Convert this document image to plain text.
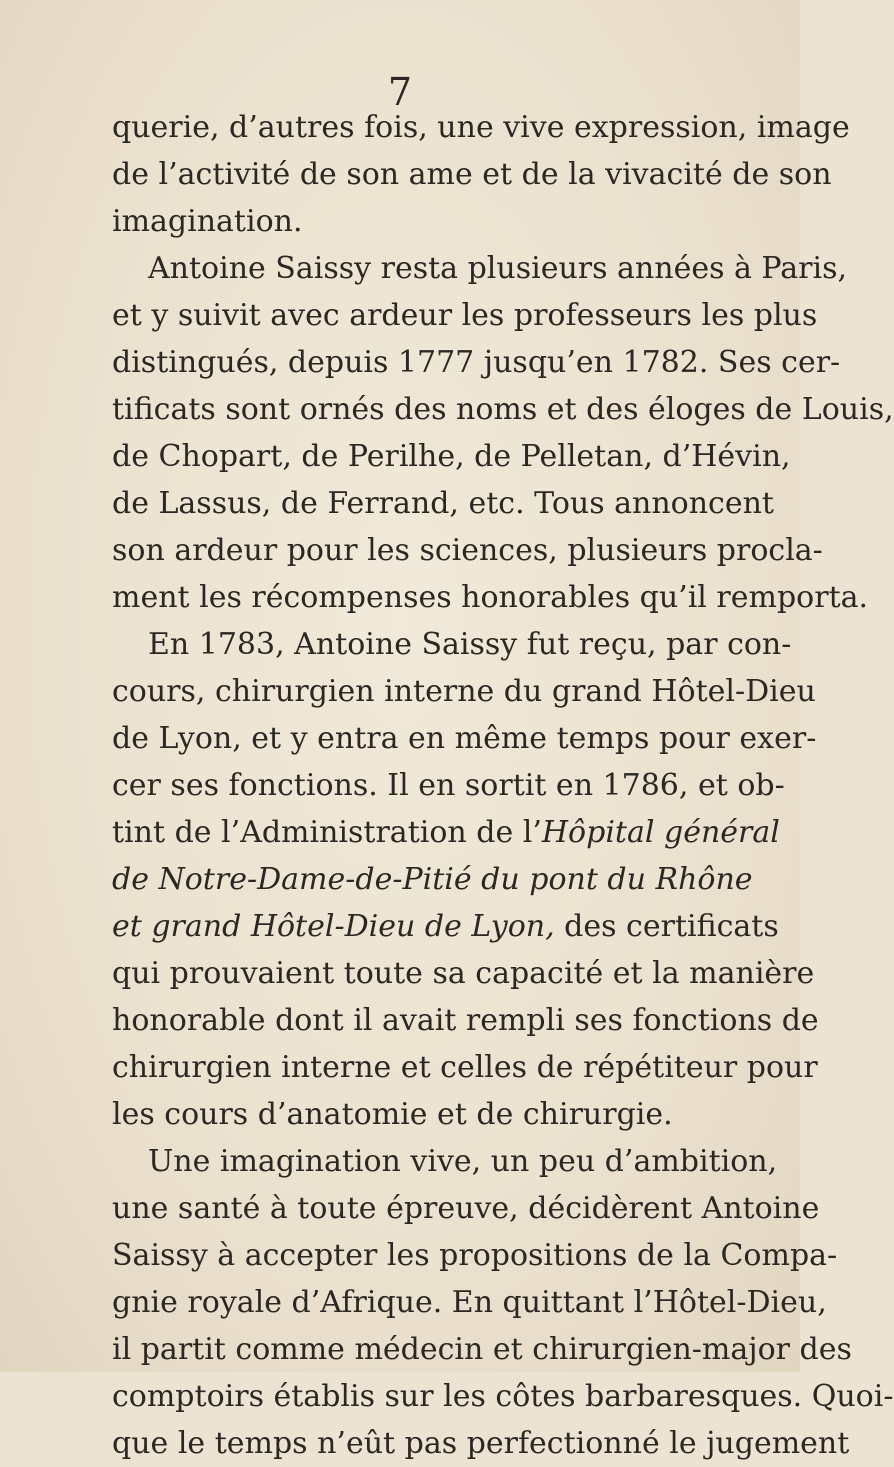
7
querie, d’autres fois, une vive expression, image
de l’activité de son ame et de la vivacité de son
imagination.
Antoine Saissy resta plusieurs années à Paris,
et y suivit avec ardeur les professeurs les plus
distingués, depuis 1777 jusqu’en 1782. Ses cer-
tificats sont ornés des noms et des éloges de Louis,
de Chopart, de Perilhe, de Pelletan, d’Hévin,
de Lassus, de Ferrand, etc. Tous annoncent
son ardeur pour les sciences, plusieurs procla-
ment les récompenses honorables qu’il remporta.
En 1783, Antoine Saissy fut reçu, par con-
cours, chirurgien interne du grand Hôtel-Dieu
de Lyon, et y entra en même temps pour exer-
cer ses fonctions. Il en sortit en 1786, et ob-
tint de l’Administration de l’Hôpital général
de Notre-Dame-de-Pitié du pont du Rhône
et grand Hôtel-Dieu de Lyon, des certificats
qui prouvaient toute sa capacité et la manière
honorable dont il avait rempli ses fonctions de
chirurgien interne et celles de répétiteur pour
les cours d’anatomie et de chirurgie.
Une imagination vive, un peu d’ambition,
une santé à toute épreuve, décidèrent Antoine
Saissy à accepter les propositions de la Compa-
gnie royale d’Afrique. En quittant l’Hôtel-Dieu,
il partit comme médecin et chirurgien-major des
comptoirs établis sur les côtes barbaresques. Quoi-
que le temps n’eût pas perfectionné le jugement
